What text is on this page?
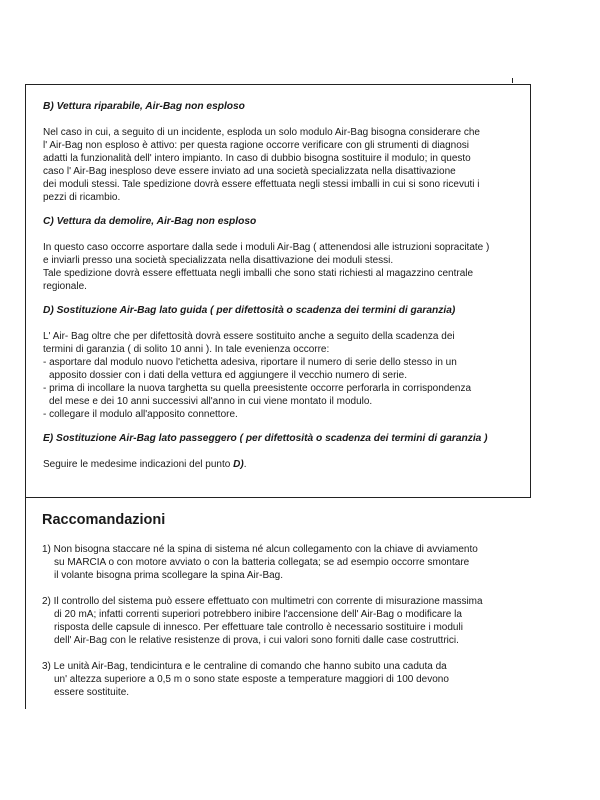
B) Vettura riparabile, Air-Bag non esploso

Nel caso in cui, a seguito di un incidente, esploda un solo modulo Air-Bag bisogna considerare che
l' Air-Bag non esploso è attivo: per questa ragione occorre verificare con gli strumenti di diagnosi
adatti la funzionalità dell' intero impianto. In caso di dubbio bisogna sostituire il modulo; in questo
caso l' Air-Bag inesploso deve essere inviato ad una società specializzata nella disattivazione
dei moduli stessi. Tale spedizione dovrà essere effettuata negli stessi imballi in cui si sono ricevuti i
pezzi di ricambio.

C) Vettura da demolire, Air-Bag non esploso

In questo caso occorre asportare dalla sede i moduli Air-Bag ( attenendosi alle istruzioni sopracitate )
e inviarli presso una società specializzata nella disattivazione dei moduli stessi.
Tale spedizione dovrà essere effettuata negli imballi che sono stati richiesti al magazzino centrale
regionale.

D) Sostituzione Air-Bag lato guida ( per difettosità o scadenza dei termini di garanzia)

L' Air- Bag oltre che per difettosità dovrà essere sostituito anche a seguito della scadenza dei
termini di garanzia ( di solito 10 anni ). In tale evenienza occorre:
- asportare dal modulo nuovo l'etichetta adesiva, riportare il numero di serie dello stesso in un
apposito dossier con i dati della vettura ed aggiungere il vecchio numero di serie.
- prima di incollare la nuova targhetta su quella preesistente occorre perforarla in corrispondenza
del mese e dei 10 anni successivi all'anno in cui viene montato il modulo.
- collegare il modulo all'apposito connettore.

E) Sostituzione Air-Bag lato passeggero ( per difettosità o scadenza dei termini di garanzia )

Seguire le medesime indicazioni del punto D).

Raccomandazioni

1) Non bisogna staccare né la spina di sistema né alcun collegamento con la chiave di avviamento
su MARCIA o con motore avviato o con la batteria collegata; se ad esempio occorre smontare
il volante bisogna prima scollegare la spina Air-Bag.

2) Il controllo del sistema può essere effettuato con multimetri con corrente di misurazione massima
di 20 mA; infatti correnti superiori potrebbero inibire l'accensione dell' Air-Bag o modificare la
risposta delle capsule di innesco. Per effettuare tale controllo è necessario sostituire i moduli
dell' Air-Bag con le relative resistenze di prova, i cui valori sono forniti dalle case costruttrici.

3) Le unità Air-Bag, tendicintura e le centraline di comando che hanno subito una caduta da
un' altezza superiore a 0,5 m o sono state esposte a temperature maggiori di 100 devono
essere sostituite.
